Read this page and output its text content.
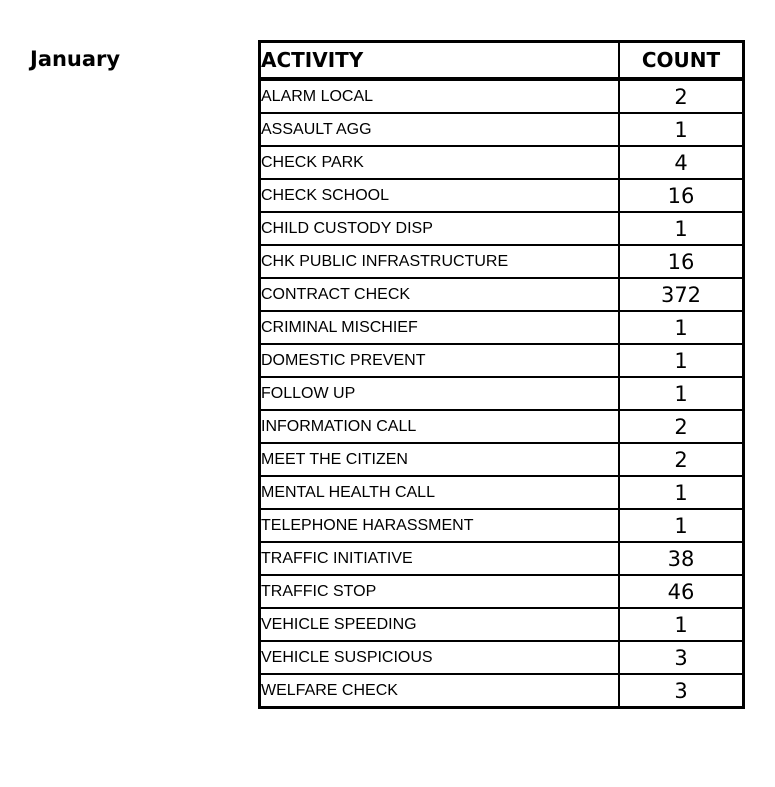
January	ACTIVITY	COUNT
ALARM LOCAL	2
ASSAULT AGG	1
CHECK PARK	4
CHECK SCHOOL	16
CHILD CUSTODY DISP	1
CHK PUBLIC INFRASTRUCTURE	16
CONTRACT CHECK	372
CRIMINAL MISCHIEF	1
DOMESTIC PREVENT	1
FOLLOW UP	1
INFORMATION CALL	2
MEET THE CITIZEN	2
MENTAL HEALTH CALL	1
TELEPHONE HARASSMENT	1
TRAFFIC INITIATIVE	38
TRAFFIC STOP	46
VEHICLE SPEEDING	1
VEHICLE SUSPICIOUS	3
WELFARE CHECK	3
